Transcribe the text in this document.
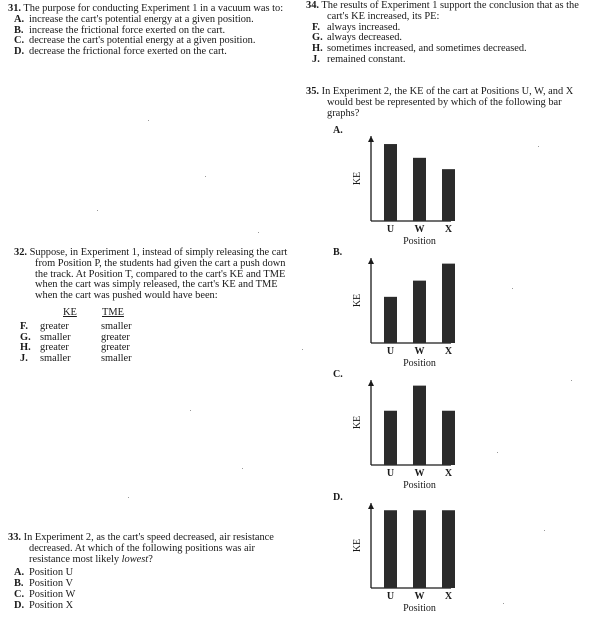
31. The purpose for conducting Experiment 1 in a vacuum was to:
A. increase the cart's potential energy at a given position.
B. increase the frictional force exerted on the cart.
C. decrease the cart's potential energy at a given position.
D. decrease the frictional force exerted on the cart.
32. Suppose, in Experiment 1, instead of simply releasing the cart from Position P, the students had given the cart a push down the track. At Position T, compared to the cart's KE and TME when the cart was simply released, the cart's KE and TME when the cart was pushed would have been:
KE TME
F. greater	smaller
G. smaller	greater
H. greater	greater
J. smaller	smaller
33. In Experiment 2, as the cart's speed decreased, air resistance decreased. At which of the following positions was air resistance most likely lowest?
A. Position U
B. Position V
C. Position W
D. Position X
34. The results of Experiment 1 support the conclusion that as the cart's KE increased, its PE:
F. always increased.
G. always decreased.
H. sometimes increased, and sometimes decreased.
J. remained constant.
35. In Experiment 2, the KE of the cart at Positions U, W, and X would best be represented by which of the following bar graphs?
A.
KE
U W X
Position
B.
KE
U W X
Position
C.
KE
U W X
Position
D.
KE
U W X
Position
